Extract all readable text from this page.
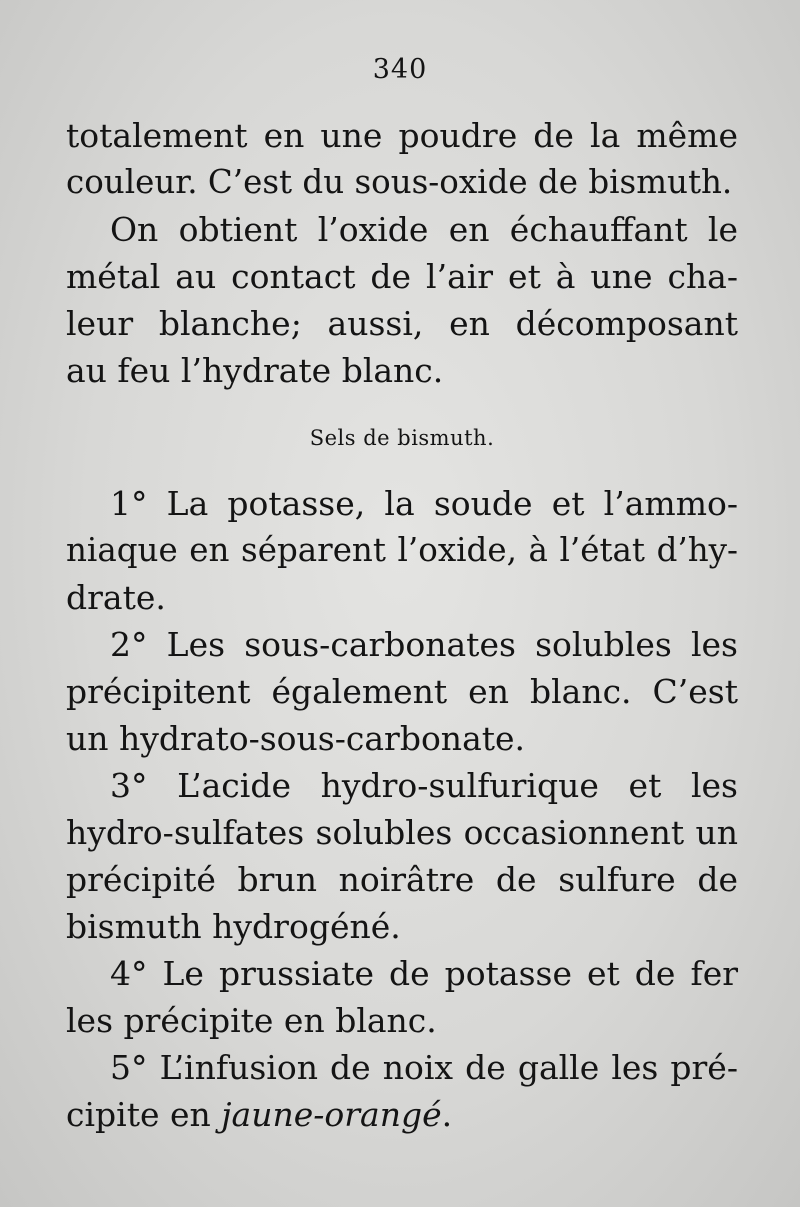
340
totalement en une poudre de la même
couleur. C’est du sous-oxide de bismuth.
On obtient l’oxide en échauffant le
métal au contact de l’air et à une cha-
leur blanche; aussi, en décomposant
au feu l’hydrate blanc.
Sels de bismuth.
1° La potasse, la soude et l’ammo-
niaque en séparent l’oxide, à l’état d’hy-
drate.
2° Les sous-carbonates solubles les
précipitent également en blanc. C’est
un hydrato-sous-carbonate.
3° L’acide hydro-sulfurique et les
hydro-sulfates solubles occasionnent un
précipité brun noirâtre de sulfure de
bismuth hydrogéné.
4° Le prussiate de potasse et de fer
les précipite en blanc.
5° L’infusion de noix de galle les pré-
cipite en jaune-orangé.
